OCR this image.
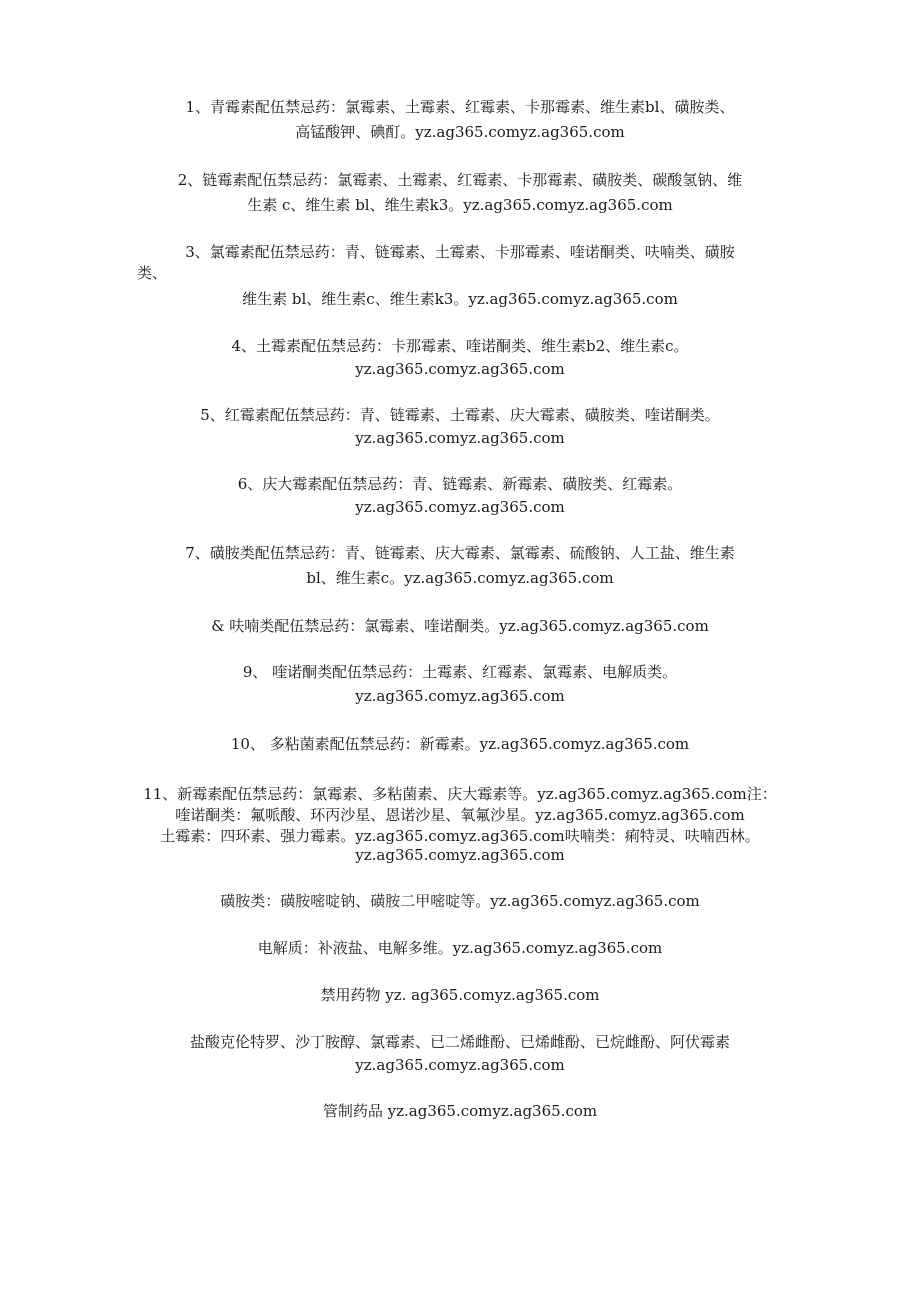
1、青霉素配伍禁忌药：氯霉素、土霉素、红霉素、卡那霉素、维生素bl、磺胺类、
高锰酸钾、碘酊。yz.ag365.comyz.ag365.com
2、链霉素配伍禁忌药：氯霉素、土霉素、红霉素、卡那霉素、磺胺类、碳酸氢钠、维
生素 c、维生素 bl、维生素k3。yz.ag365.comyz.ag365.com
3、氯霉素配伍禁忌药：青、链霉素、土霉素、卡那霉素、喹诺酮类、呋喃类、磺胺
类、
维生素 bl、维生素c、维生素k3。yz.ag365.comyz.ag365.com
4、土霉素配伍禁忌药：卡那霉素、喹诺酮类、维生素b2、维生素c。
yz.ag365.comyz.ag365.com
5、红霉素配伍禁忌药：青、链霉素、土霉素、庆大霉素、磺胺类、喹诺酮类。
yz.ag365.comyz.ag365.com
6、庆大霉素配伍禁忌药：青、链霉素、新霉素、磺胺类、红霉素。
yz.ag365.comyz.ag365.com
7、磺胺类配伍禁忌药：青、链霉素、庆大霉素、氯霉素、硫酸钠、人工盐、维生素
bl、维生素c。yz.ag365.comyz.ag365.com
& 呋喃类配伍禁忌药：氯霉素、喹诺酮类。yz.ag365.comyz.ag365.com
9、 喹诺酮类配伍禁忌药：土霉素、红霉素、氯霉素、电解质类。
yz.ag365.comyz.ag365.com
10、 多粘菌素配伍禁忌药：新霉素。yz.ag365.comyz.ag365.com
11、新霉素配伍禁忌药：氯霉素、多粘菌素、庆大霉素等。yz.ag365.comyz.ag365.com注：
喹诺酮类：氟哌酸、环丙沙星、恩诺沙星、氧氟沙星。yz.ag365.comyz.ag365.com
土霉素：四环素、强力霉素。yz.ag365.comyz.ag365.com呋喃类：痢特灵、呋喃西林。
yz.ag365.comyz.ag365.com
磺胺类：磺胺嘧啶钠、磺胺二甲嘧啶等。yz.ag365.comyz.ag365.com
电解质：补液盐、电解多维。yz.ag365.comyz.ag365.com
禁用药物 yz. ag365.comyz.ag365.com
盐酸克伦特罗、沙丁胺醇、氯霉素、已二烯雌酚、已烯雌酚、已烷雌酚、阿伏霉素
yz.ag365.comyz.ag365.com
管制药品 yz.ag365.comyz.ag365.com
